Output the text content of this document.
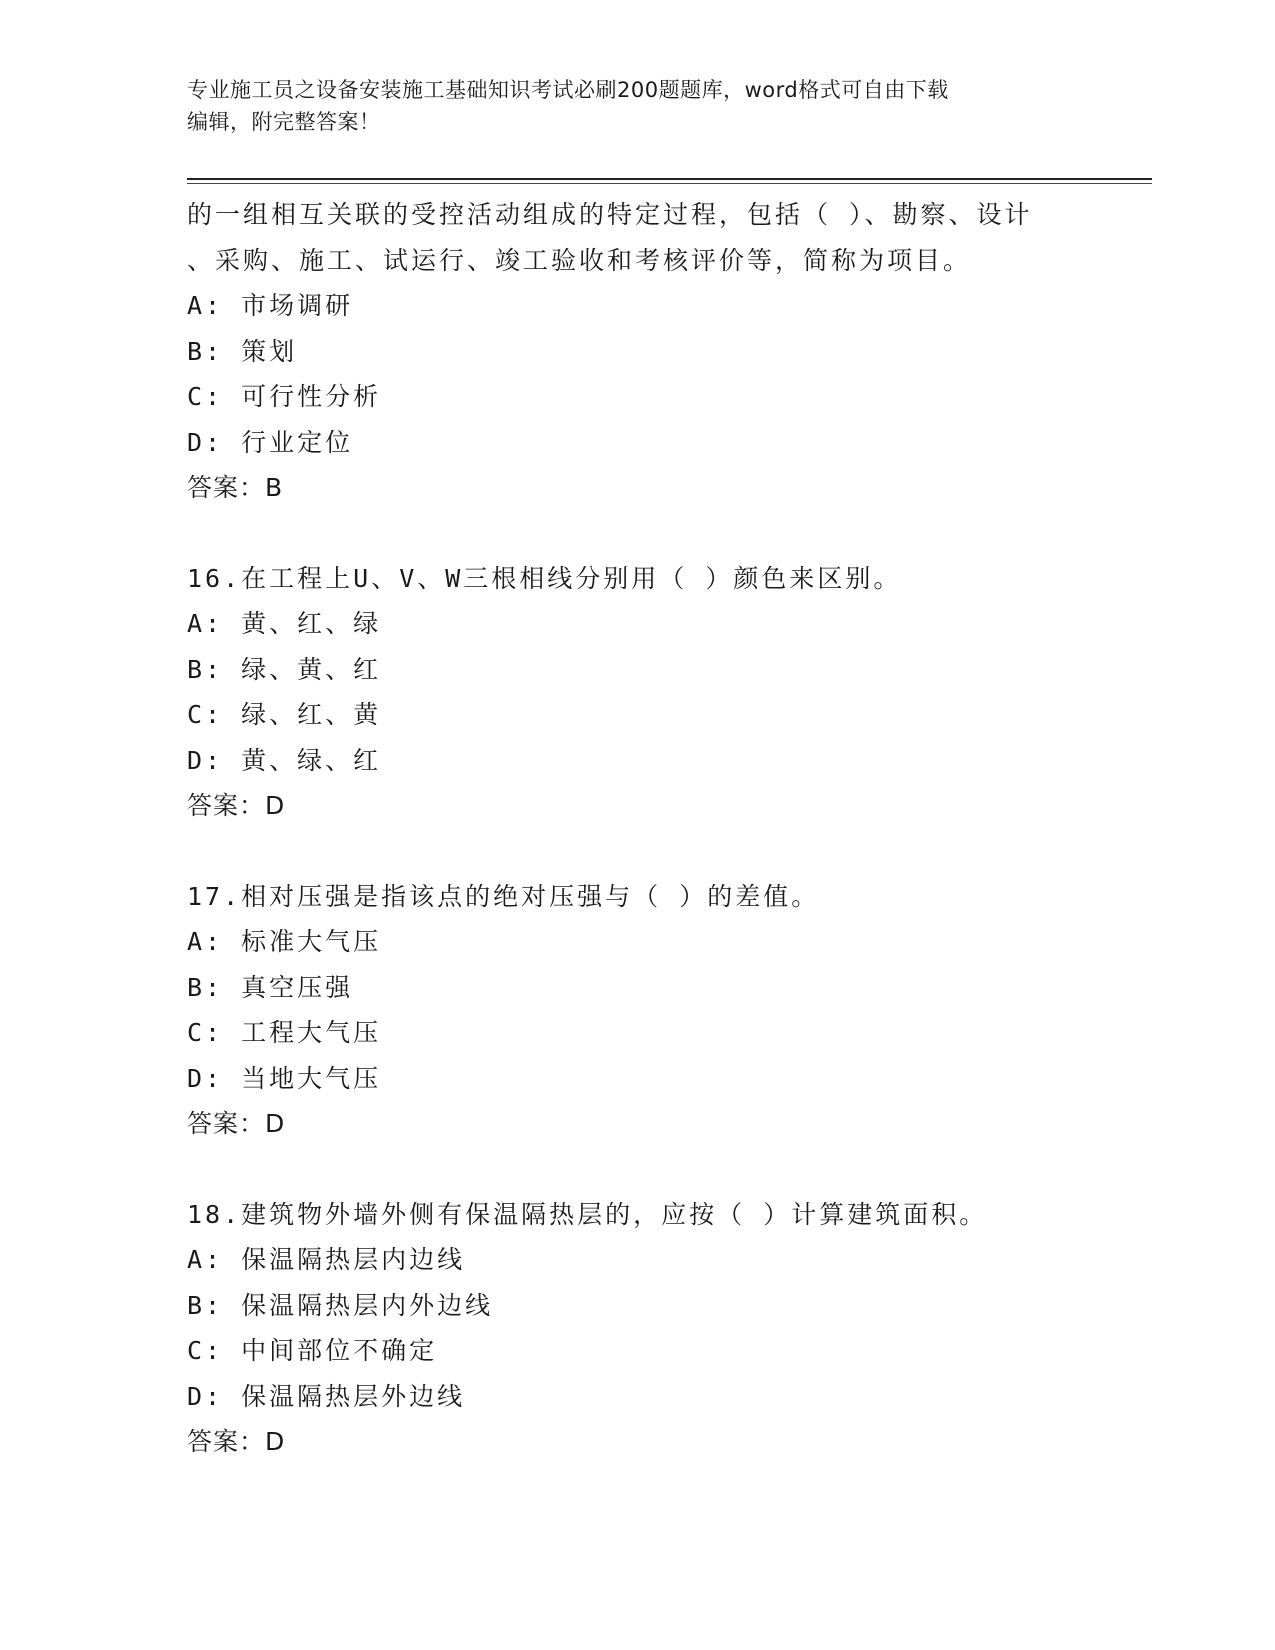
专业施工员之设备安装施工基础知识考试必刷200题题库，word格式可自由下载
编辑，附完整答案！
的一组相互关联的受控活动组成的特定过程，包括（ ）、勘察、设计
、采购、施工、试运行、竣工验收和考核评价等，简称为项目。
A: 市场调研
B: 策划
C: 可行性分析
D: 行业定位
答案：B
16.在工程上U、V、W三根相线分别用（ ）颜色来区别。
A: 黄、红、绿
B: 绿、黄、红
C: 绿、红、黄
D: 黄、绿、红
答案：D
17.相对压强是指该点的绝对压强与（ ）的差值。
A: 标准大气压
B: 真空压强
C: 工程大气压
D: 当地大气压
答案：D
18.建筑物外墙外侧有保温隔热层的，应按（ ）计算建筑面积。
A: 保温隔热层内边线
B: 保温隔热层内外边线
C: 中间部位不确定
D: 保温隔热层外边线
答案：D
